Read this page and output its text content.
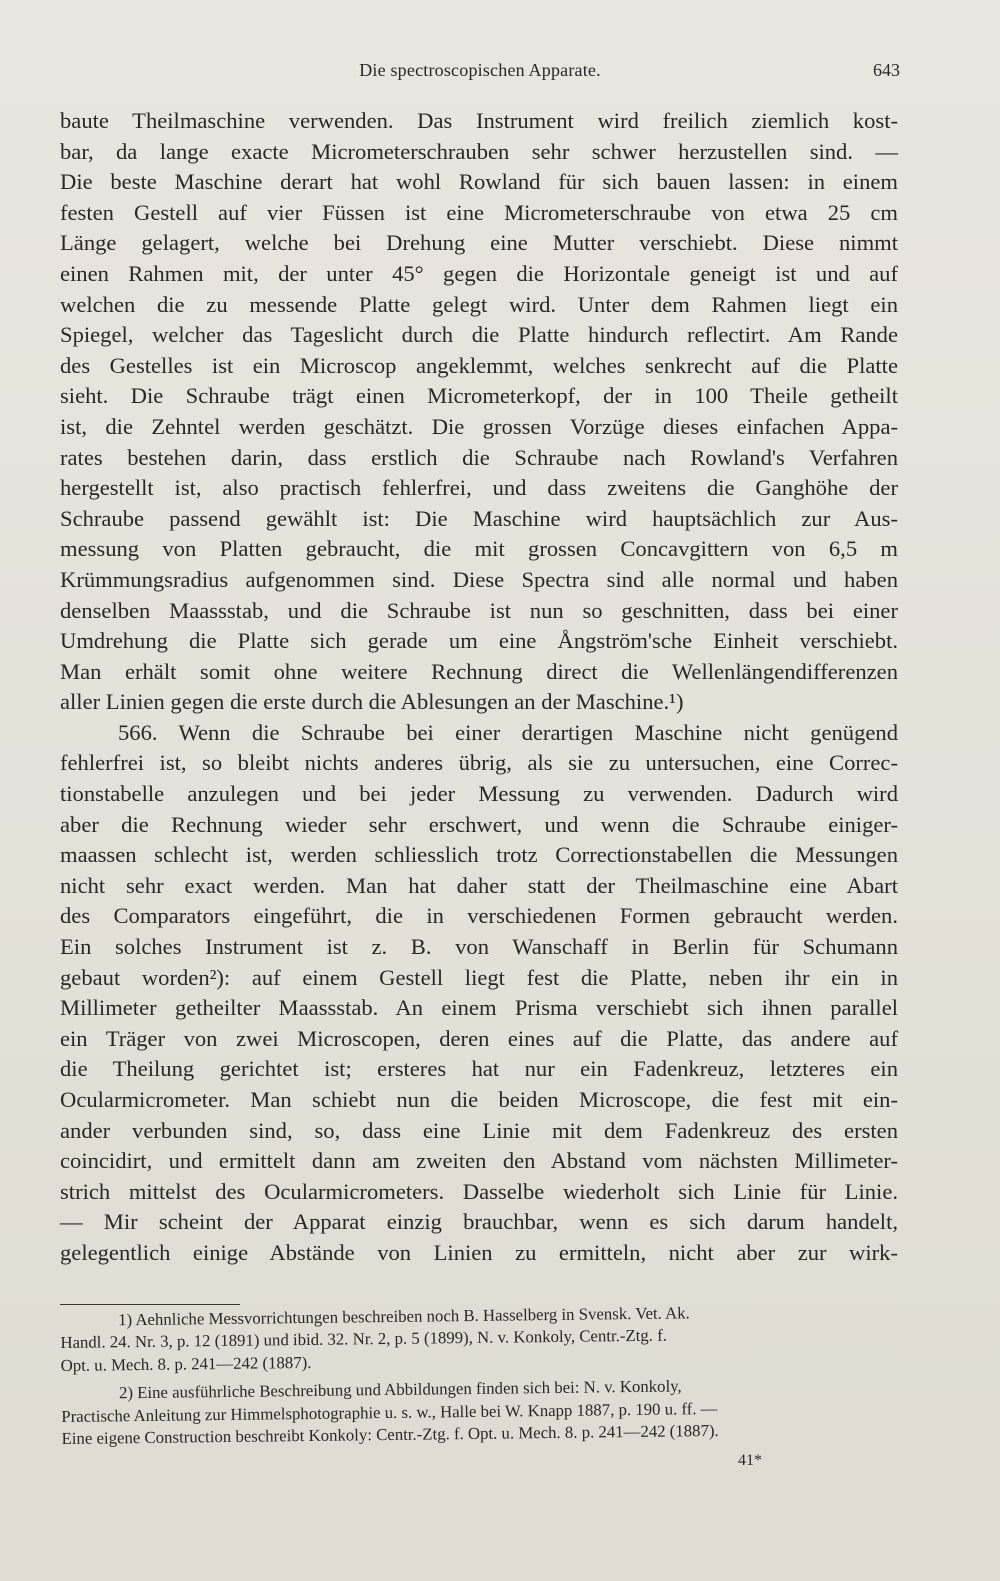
Die spectroscopischen Apparate.	643
baute Theilmaschine verwenden. Das Instrument wird freilich ziemlich kost-
bar, da lange exacte Micrometerschrauben sehr schwer herzustellen sind. —
Die beste Maschine derart hat wohl Rowland für sich bauen lassen: in einem
festen Gestell auf vier Füssen ist eine Micrometerschraube von etwa 25 cm
Länge gelagert, welche bei Drehung eine Mutter verschiebt. Diese nimmt
einen Rahmen mit, der unter 45° gegen die Horizontale geneigt ist und auf
welchen die zu messende Platte gelegt wird. Unter dem Rahmen liegt ein
Spiegel, welcher das Tageslicht durch die Platte hindurch reflectirt. Am Rande
des Gestelles ist ein Microscop angeklemmt, welches senkrecht auf die Platte
sieht. Die Schraube trägt einen Micrometerkopf, der in 100 Theile getheilt
ist, die Zehntel werden geschätzt. Die grossen Vorzüge dieses einfachen Appa-
rates bestehen darin, dass erstlich die Schraube nach Rowland's Verfahren
hergestellt ist, also practisch fehlerfrei, und dass zweitens die Ganghöhe der
Schraube passend gewählt ist: Die Maschine wird hauptsächlich zur Aus-
messung von Platten gebraucht, die mit grossen Concavgittern von 6,5 m
Krümmungsradius aufgenommen sind. Diese Spectra sind alle normal und haben
denselben Maassstab, und die Schraube ist nun so geschnitten, dass bei einer
Umdrehung die Platte sich gerade um eine Ångström'sche Einheit verschiebt.
Man erhält somit ohne weitere Rechnung direct die Wellenlängendifferenzen
aller Linien gegen die erste durch die Ablesungen an der Maschine.¹)
566. Wenn die Schraube bei einer derartigen Maschine nicht genügend
fehlerfrei ist, so bleibt nichts anderes übrig, als sie zu untersuchen, eine Correc-
tionstabelle anzulegen und bei jeder Messung zu verwenden. Dadurch wird
aber die Rechnung wieder sehr erschwert, und wenn die Schraube einiger-
maassen schlecht ist, werden schliesslich trotz Correctionstabellen die Messungen
nicht sehr exact werden. Man hat daher statt der Theilmaschine eine Abart
des Comparators eingeführt, die in verschiedenen Formen gebraucht werden.
Ein solches Instrument ist z. B. von Wanschaff in Berlin für Schumann
gebaut worden²): auf einem Gestell liegt fest die Platte, neben ihr ein in
Millimeter getheilter Maassstab. An einem Prisma verschiebt sich ihnen parallel
ein Träger von zwei Microscopen, deren eines auf die Platte, das andere auf
die Theilung gerichtet ist; ersteres hat nur ein Fadenkreuz, letzteres ein
Ocularmicrometer. Man schiebt nun die beiden Microscope, die fest mit ein-
ander verbunden sind, so, dass eine Linie mit dem Fadenkreuz des ersten
coincidirt, und ermittelt dann am zweiten den Abstand vom nächsten Millimeter-
strich mittelst des Ocularmicrometers. Dasselbe wiederholt sich Linie für Linie.
— Mir scheint der Apparat einzig brauchbar, wenn es sich darum handelt,
gelegentlich einige Abstände von Linien zu ermitteln, nicht aber zur wirk-
1) Aehnliche Messvorrichtungen beschreiben noch B. Hasselberg in Svensk. Vet. Ak.
Handl. 24. Nr. 3, p. 12 (1891) und ibid. 32. Nr. 2, p. 5 (1899), N. v. Konkoly, Centr.-Ztg. f.
Opt. u. Mech. 8. p. 241—242 (1887).
2) Eine ausführliche Beschreibung und Abbildungen finden sich bei: N. v. Konkoly,
Practische Anleitung zur Himmelsphotographie u. s. w., Halle bei W. Knapp 1887, p. 190 u. ff. —
Eine eigene Construction beschreibt Konkoly: Centr.-Ztg. f. Opt. u. Mech. 8. p. 241—242 (1887).
41*
